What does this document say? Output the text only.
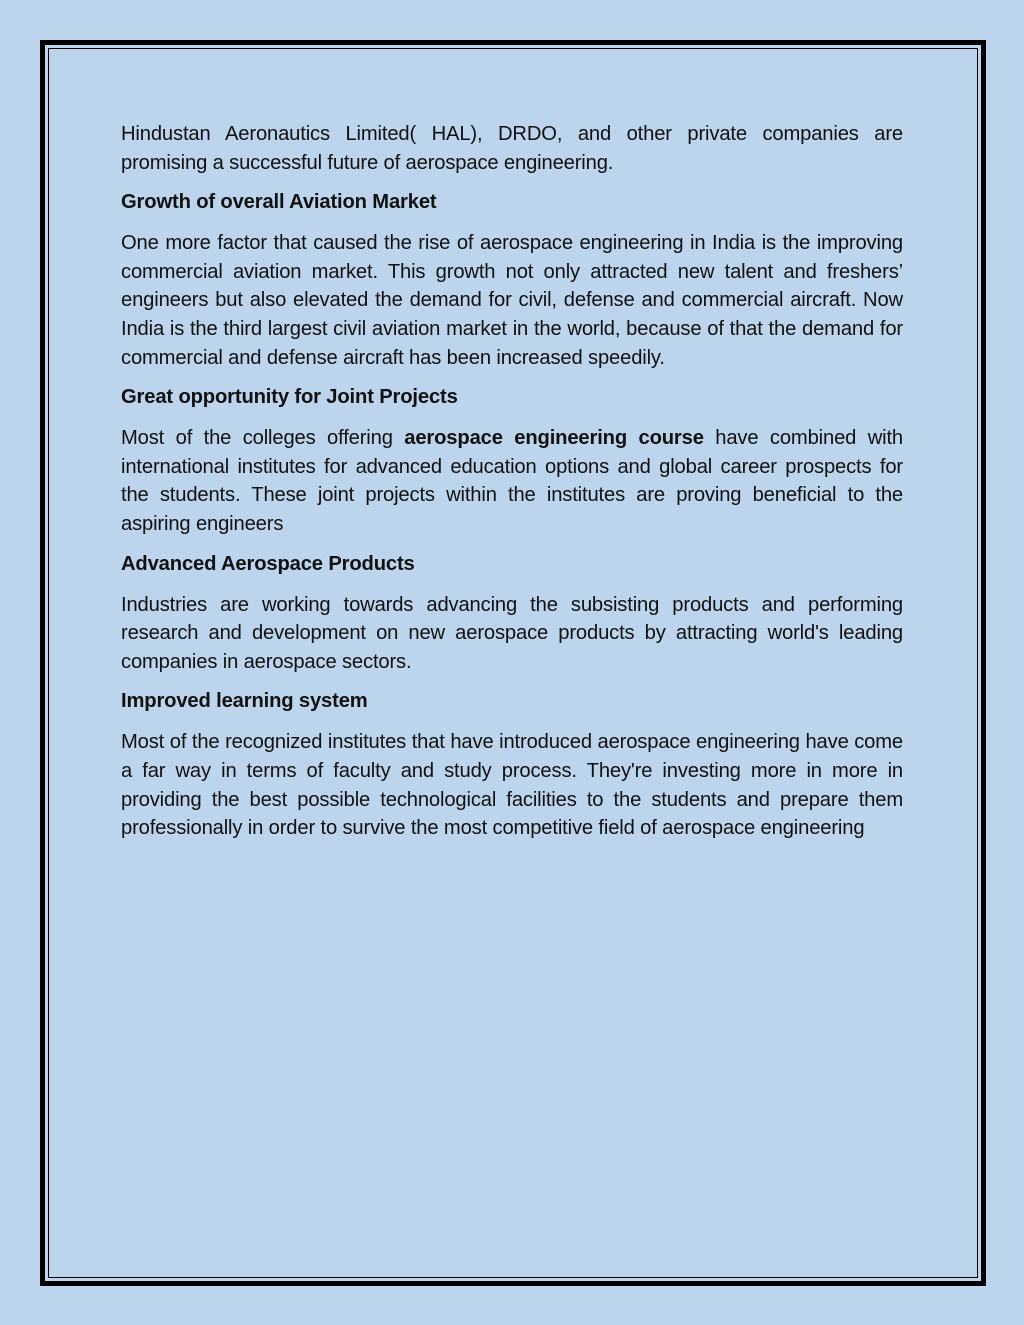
Hindustan Aeronautics Limited( HAL), DRDO, and other private companies are promising a successful future of aerospace engineering.

Growth of overall Aviation Market

One more factor that caused the rise of aerospace engineering in India is the improving commercial aviation market. This growth not only attracted new talent and freshers’ engineers but also elevated the demand for civil, defense and commercial aircraft. Now India is the third largest civil aviation market in the world, because of that the demand for commercial and defense aircraft has been increased speedily.

Great opportunity for Joint Projects

Most of the colleges offering aerospace engineering course have combined with international institutes for advanced education options and global career prospects for the students. These joint projects within the institutes are proving beneficial to the aspiring engineers

Advanced Aerospace Products

Industries are working towards advancing the subsisting products and performing research and development on new aerospace products by attracting world's leading companies in aerospace sectors.

Improved learning system

Most of the recognized institutes that have introduced aerospace engineering have come a far way in terms of faculty and study process. They're investing more in more in providing the best possible technological facilities to the students and prepare them professionally in order to survive the most competitive field of aerospace engineering
